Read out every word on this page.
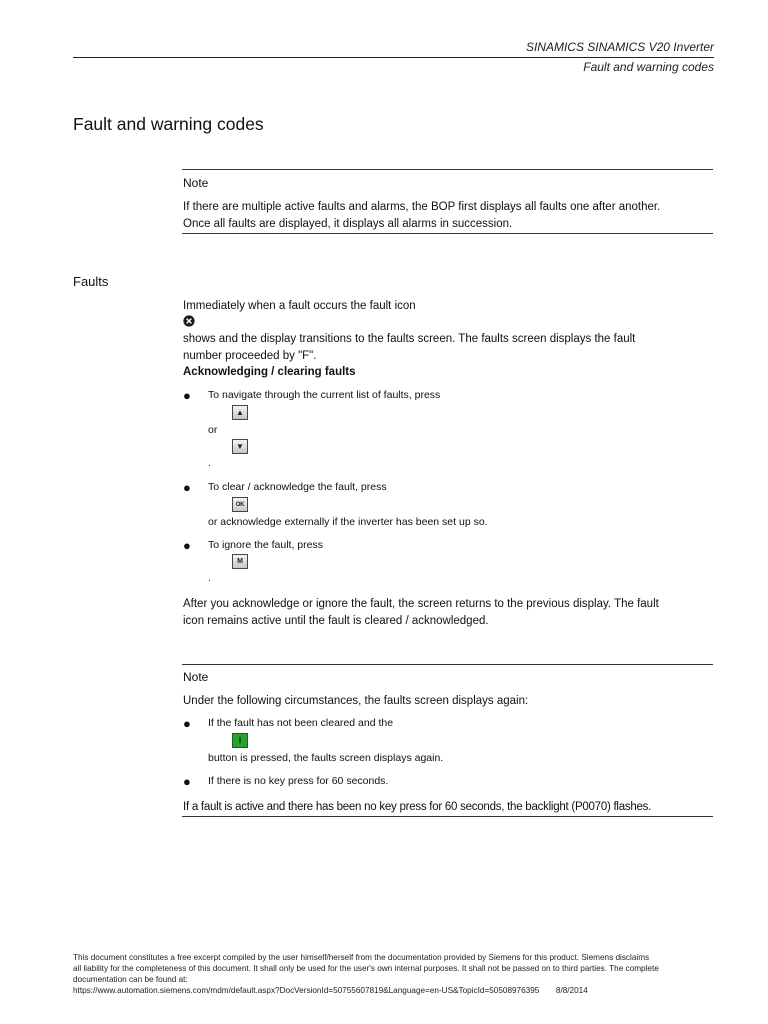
SINAMICS SINAMICS V20 Inverter
Fault and warning codes
Fault and warning codes
Note
If there are multiple active faults and alarms, the BOP first displays all faults one after another.
Once all faults are displayed, it displays all alarms in succession.
Faults
Immediately when a fault occurs the fault icon
shows and the display transitions to the faults screen. The faults screen displays the fault
number proceeded by "F".
Acknowledging / clearing faults
● To navigate through the current list of faults, press
▲
or
▼
.
● To clear / acknowledge the fault, press
OK
or acknowledge externally if the inverter has been set up so.
● To ignore the fault, press
M
.
After you acknowledge or ignore the fault, the screen returns to the previous display. The fault
icon remains active until the fault is cleared / acknowledged.
Note
Under the following circumstances, the faults screen displays again:
● If the fault has not been cleared and the
I
button is pressed, the faults screen displays again.
● If there is no key press for 60 seconds.
If a fault is active and there has been no key press for 60 seconds, the backlight (P0070) flashes.
This document constitutes a free excerpt compiled by the user himself/herself from the documentation provided by Siemens for this product. Siemens disclaims
all liability for the completeness of this document. It shall only be used for the user's own internal purposes. It shall not be passed on to third parties. The complete
documentation can be found at:
https://www.automation.siemens.com/mdm/default.aspx?DocVersionId=50755607819&Language=en-US&TopicId=50508976395 8/8/2014
